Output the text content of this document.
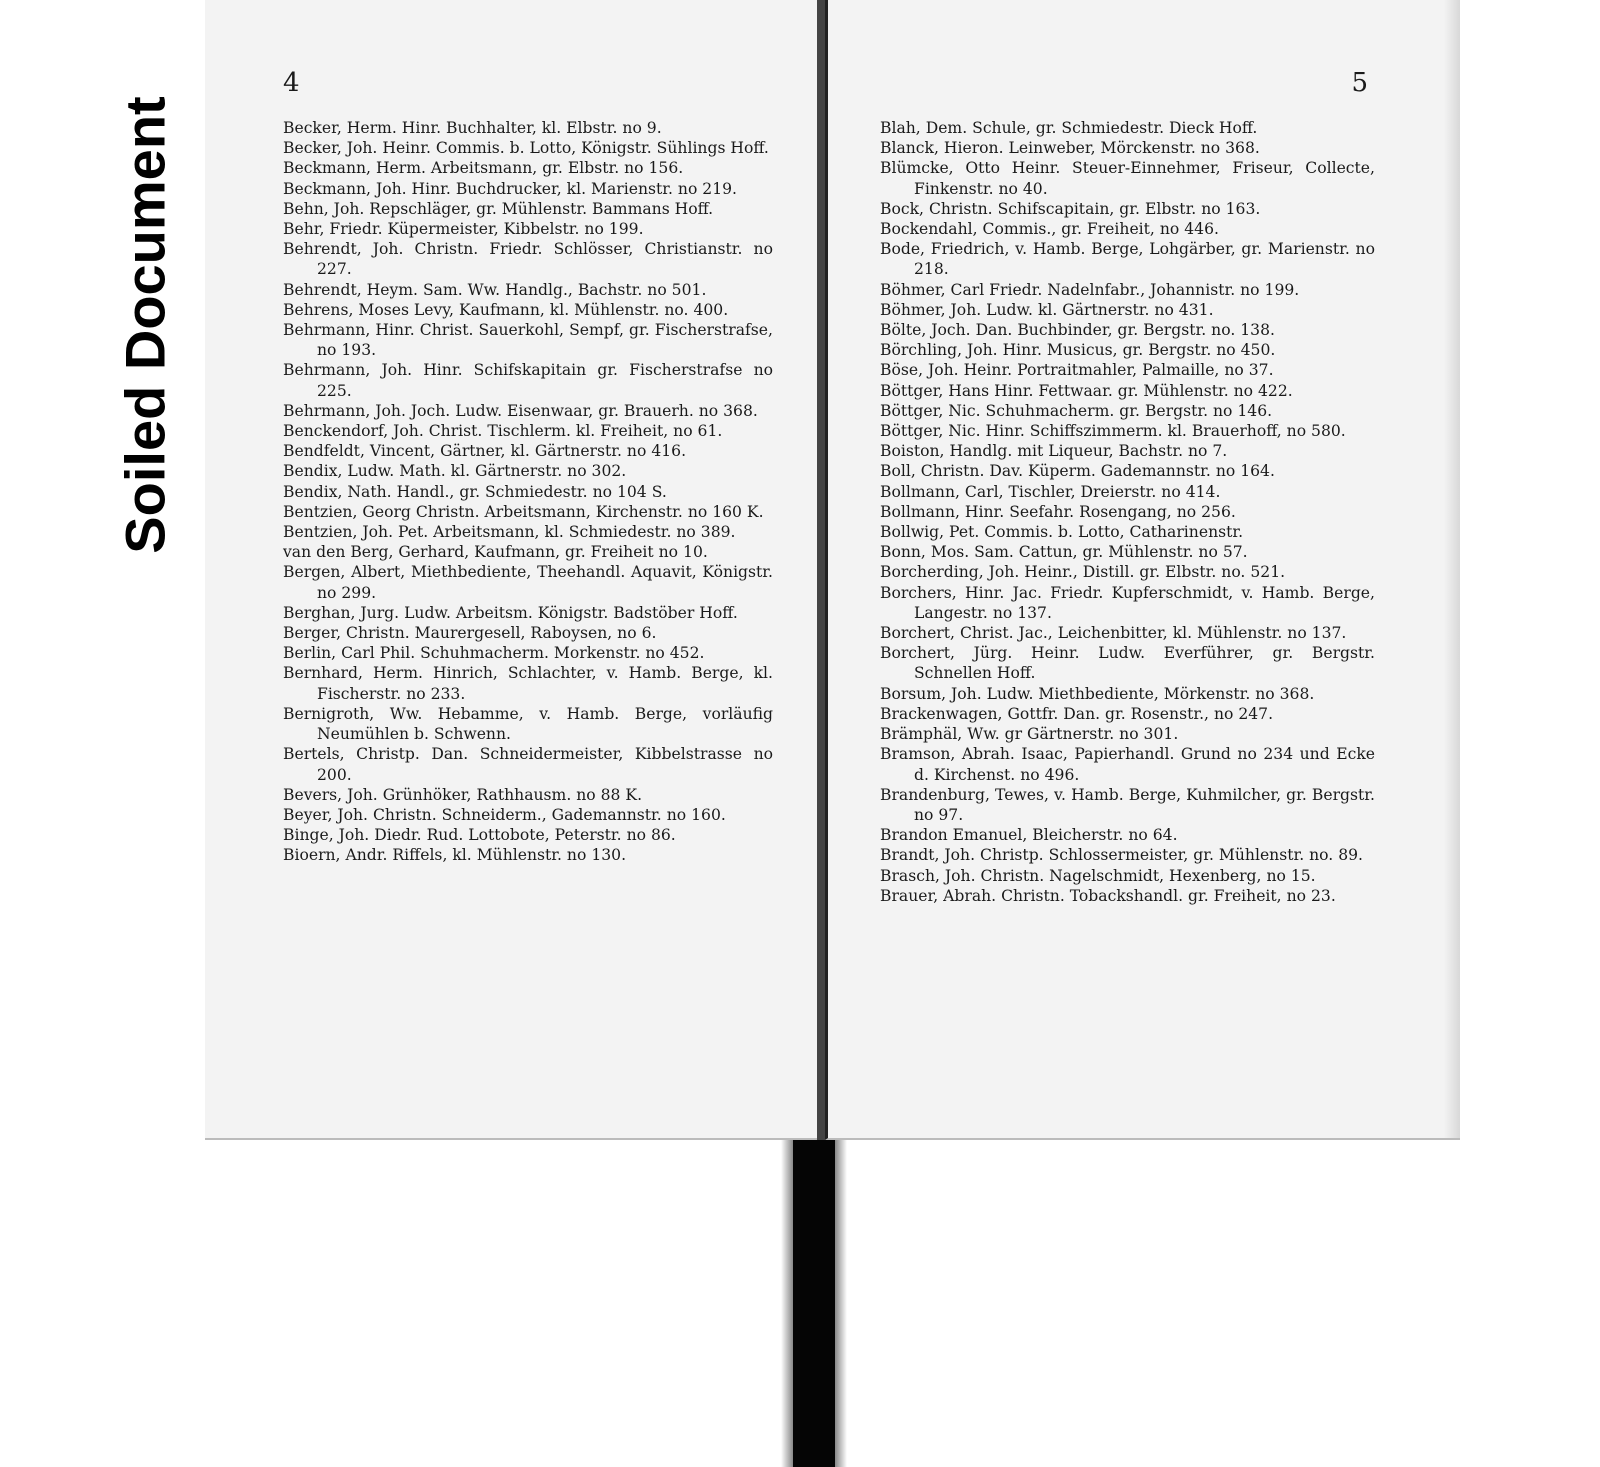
Soiled Document
4
Becker, Herm. Hinr. Buchhalter, kl. Elbstr. no 9.
Becker, Joh. Heinr. Commis. b. Lotto, Königstr. Sühlings Hoff.
Beckmann, Herm. Arbeitsmann, gr. Elbstr. no 156.
Beckmann, Joh. Hinr. Buchdrucker, kl. Marienstr. no 219.
Behn, Joh. Repschläger, gr. Mühlenstr. Bammans Hoff.
Behr, Friedr. Küpermeister, Kibbelstr. no 199.
Behrendt, Joh. Christn. Friedr. Schlösser, Christianstr. no 227.
Behrendt, Heym. Sam. Ww. Handlg., Bachstr. no 501.
Behrens, Moses Levy, Kaufmann, kl. Mühlenstr. no. 400.
Behrmann, Hinr. Christ. Sauerkohl, Sempf, gr. Fischerstrafse, no 193.
Behrmann, Joh. Hinr. Schifskapitain gr. Fischerstrafse no 225.
Behrmann, Joh. Joch. Ludw. Eisenwaar, gr. Brauerh. no 368.
Benckendorf, Joh. Christ. Tischlerm. kl. Freiheit, no 61.
Bendfeldt, Vincent, Gärtner, kl. Gärtnerstr. no 416.
Bendix, Ludw. Math. kl. Gärtnerstr. no 302.
Bendix, Nath. Handl., gr. Schmiedestr. no 104 S.
Bentzien, Georg Christn. Arbeitsmann, Kirchenstr. no 160 K.
Bentzien, Joh. Pet. Arbeitsmann, kl. Schmiedestr. no 389.
van den Berg, Gerhard, Kaufmann, gr. Freiheit no 10.
Bergen, Albert, Miethbediente, Theehandl. Aquavit, Königstr. no 299.
Berghan, Jurg. Ludw. Arbeitsm. Königstr. Badstöber Hoff.
Berger, Christn. Maurergesell, Raboysen, no 6.
Berlin, Carl Phil. Schuhmacherm. Morkenstr. no 452.
Bernhard, Herm. Hinrich, Schlachter, v. Hamb. Berge, kl. Fischerstr. no 233.
Bernigroth, Ww. Hebamme, v. Hamb. Berge, vorläufig Neumühlen b. Schwenn.
Bertels, Christp. Dan. Schneidermeister, Kibbelstrasse no 200.
Bevers, Joh. Grünhöker, Rathhausm. no 88 K.
Beyer, Joh. Christn. Schneiderm., Gademannstr. no 160.
Binge, Joh. Diedr. Rud. Lottobote, Peterstr. no 86.
Bioern, Andr. Riffels, kl. Mühlenstr. no 130.
5
Blah, Dem. Schule, gr. Schmiedestr. Dieck Hoff.
Blanck, Hieron. Leinweber, Mörckenstr. no 368.
Blümcke, Otto Heinr. Steuer-Einnehmer, Friseur, Collecte, Finkenstr. no 40.
Bock, Christn. Schifscapitain, gr. Elbstr. no 163.
Bockendahl, Commis., gr. Freiheit, no 446.
Bode, Friedrich, v. Hamb. Berge, Lohgärber, gr. Marienstr. no 218.
Böhmer, Carl Friedr. Nadelnfabr., Johannistr. no 199.
Böhmer, Joh. Ludw. kl. Gärtnerstr. no 431.
Bölte, Joch. Dan. Buchbinder, gr. Bergstr. no. 138.
Börchling, Joh. Hinr. Musicus, gr. Bergstr. no 450.
Böse, Joh. Heinr. Portraitmahler, Palmaille, no 37.
Böttger, Hans Hinr. Fettwaar. gr. Mühlenstr. no 422.
Böttger, Nic. Schuhmacherm. gr. Bergstr. no 146.
Böttger, Nic. Hinr. Schiffszimmerm. kl. Brauerhoff, no 580.
Boiston, Handlg. mit Liqueur, Bachstr. no 7.
Boll, Christn. Dav. Küperm. Gademannstr. no 164.
Bollmann, Carl, Tischler, Dreierstr. no 414.
Bollmann, Hinr. Seefahr. Rosengang, no 256.
Bollwig, Pet. Commis. b. Lotto, Catharinenstr.
Bonn, Mos. Sam. Cattun, gr. Mühlenstr. no 57.
Borcherding, Joh. Heinr., Distill. gr. Elbstr. no. 521.
Borchers, Hinr. Jac. Friedr. Kupferschmidt, v. Hamb. Berge, Langestr. no 137.
Borchert, Christ. Jac., Leichenbitter, kl. Mühlenstr. no 137.
Borchert, Jürg. Heinr. Ludw. Everführer, gr. Bergstr. Schnellen Hoff.
Borsum, Joh. Ludw. Miethbediente, Mörkenstr. no 368.
Brackenwagen, Gottfr. Dan. gr. Rosenstr., no 247.
Brämphäl, Ww. gr Gärtnerstr. no 301.
Bramson, Abrah. Isaac, Papierhandl. Grund no 234 und Ecke d. Kirchenst. no 496.
Brandenburg, Tewes, v. Hamb. Berge, Kuhmilcher, gr. Bergstr. no 97.
Brandon Emanuel, Bleicherstr. no 64.
Brandt, Joh. Christp. Schlossermeister, gr. Mühlenstr. no. 89.
Brasch, Joh. Christn. Nagelschmidt, Hexenberg, no 15.
Brauer, Abrah. Christn. Tobackshandl. gr. Freiheit, no 23.
